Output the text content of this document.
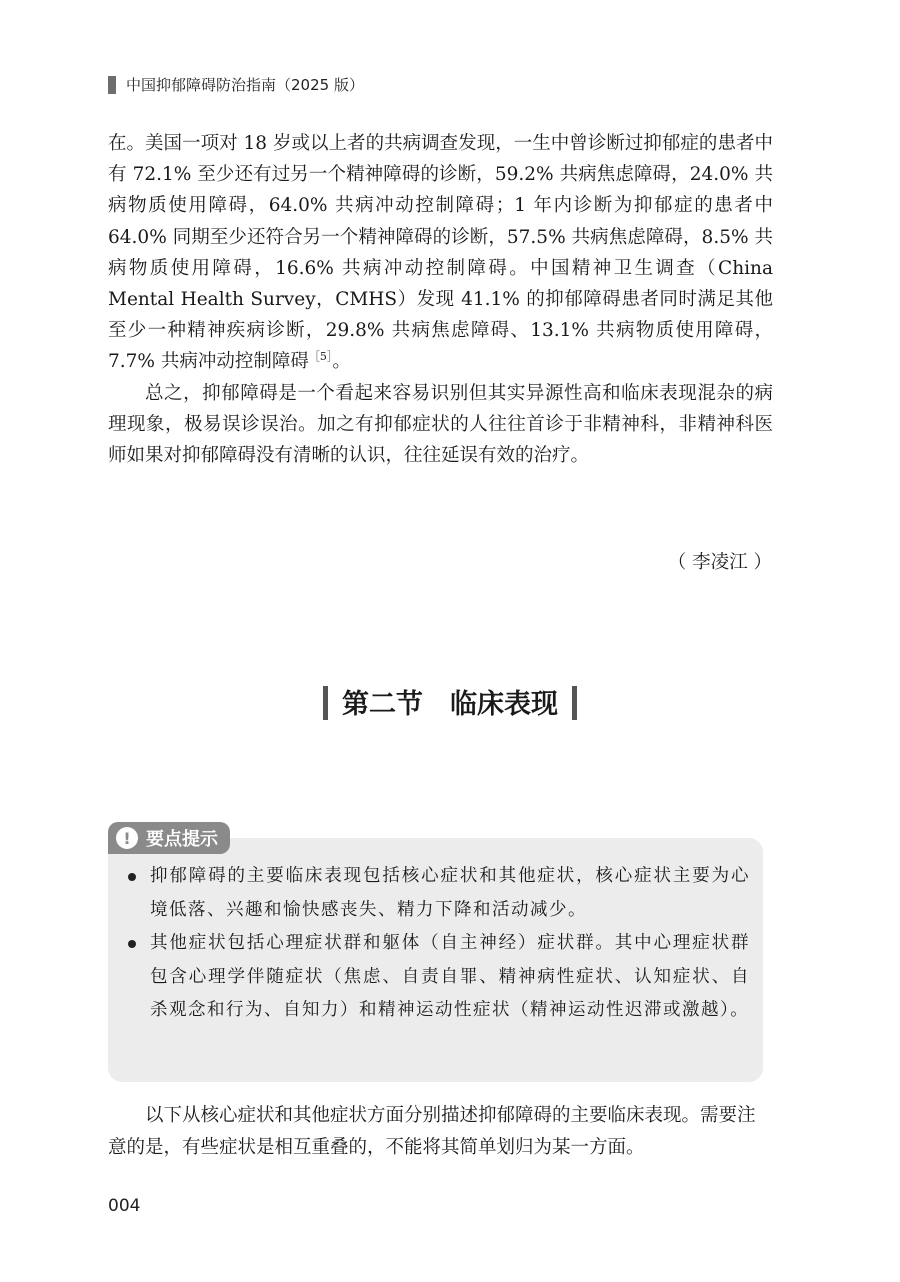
中国抑郁障碍防治指南（2025 版）

在。美国一项对 18 岁或以上者的共病调查发现，一生中曾诊断过抑郁症的患者中有 72.1% 至少还有过另一个精神障碍的诊断，59.2% 共病焦虑障碍，24.0% 共病物质使用障碍，64.0% 共病冲动控制障碍；1 年内诊断为抑郁症的患者中 64.0% 同期至少还符合另一个精神障碍的诊断，57.5% 共病焦虑障碍，8.5% 共病物质使用障碍，16.6% 共病冲动控制障碍。中国精神卫生调查（China Mental Health Survey，CMHS）发现 41.1% 的抑郁障碍患者同时满足其他至少一种精神疾病诊断，29.8% 共病焦虑障碍、13.1% 共病物质使用障碍，7.7% 共病冲动控制障碍$^{[5]}$。

总之，抑郁障碍是一个看起来容易识别但其实异源性高和临床表现混杂的病理现象，极易误诊误治。加之有抑郁症状的人往往首诊于非精神科，非精神科医师如果对抑郁障碍没有清晰的认识，往往延误有效的治疗。

（ 李凌江 ）
第二节　临床表现
! 要点提示
抑郁障碍的主要临床表现包括核心症状和其他症状，核心症状主要为心境低落、兴趣和愉快感丧失、精力下降和活动减少。
其他症状包括心理症状群和躯体（自主神经）症状群。其中心理症状群包含心理学伴随症状（焦虑、自责自罪、精神病性症状、认知症状、自杀观念和行为、自知力）和精神运动性症状（精神运动性迟滞或激越）。

以下从核心症状和其他症状方面分别描述抑郁障碍的主要临床表现。需要注意的是，有些症状是相互重叠的，不能将其简单划归为某一方面。

004
